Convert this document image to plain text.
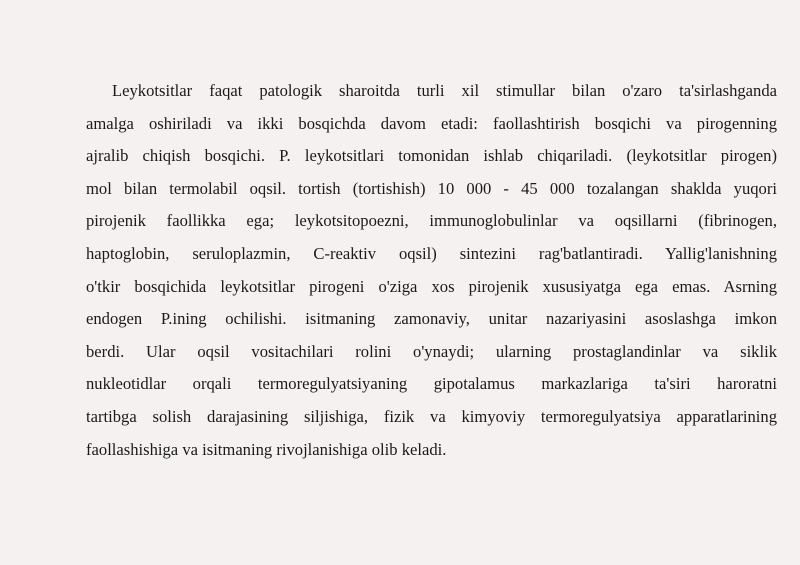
Leykotsitlar faqat patologik sharoitda turli xil stimullar bilan o'zaro ta'sirlashganda
amalga oshiriladi va ikki bosqichda davom etadi: faollashtirish bosqichi va pirogenning
ajralib chiqish bosqichi. P. leykotsitlari tomonidan ishlab chiqariladi. (leykotsitlar pirogen)
mol bilan termolabil oqsil. tortish (tortishish) 10 000 - 45 000 tozalangan shaklda yuqori
pirojenik faollikka ega; leykotsitopoezni, immunoglobulinlar va oqsillarni (fibrinogen,
haptoglobin, seruloplazmin, C-reaktiv oqsil) sintezini rag'batlantiradi. Yallig'lanishning
o'tkir bosqichida leykotsitlar pirogeni o'ziga xos pirojenik xususiyatga ega emas. Asrning
endogen P.ining ochilishi. isitmaning zamonaviy, unitar nazariyasini asoslashga imkon
berdi. Ular oqsil vositachilari rolini o'ynaydi; ularning prostaglandinlar va siklik
nukleotidlar orqali termoregulyatsiyaning gipotalamus markazlariga ta'siri haroratni
tartibga solish darajasining siljishiga, fizik va kimyoviy termoregulyatsiya apparatlarining
faollashishiga va isitmaning rivojlanishiga olib keladi.
